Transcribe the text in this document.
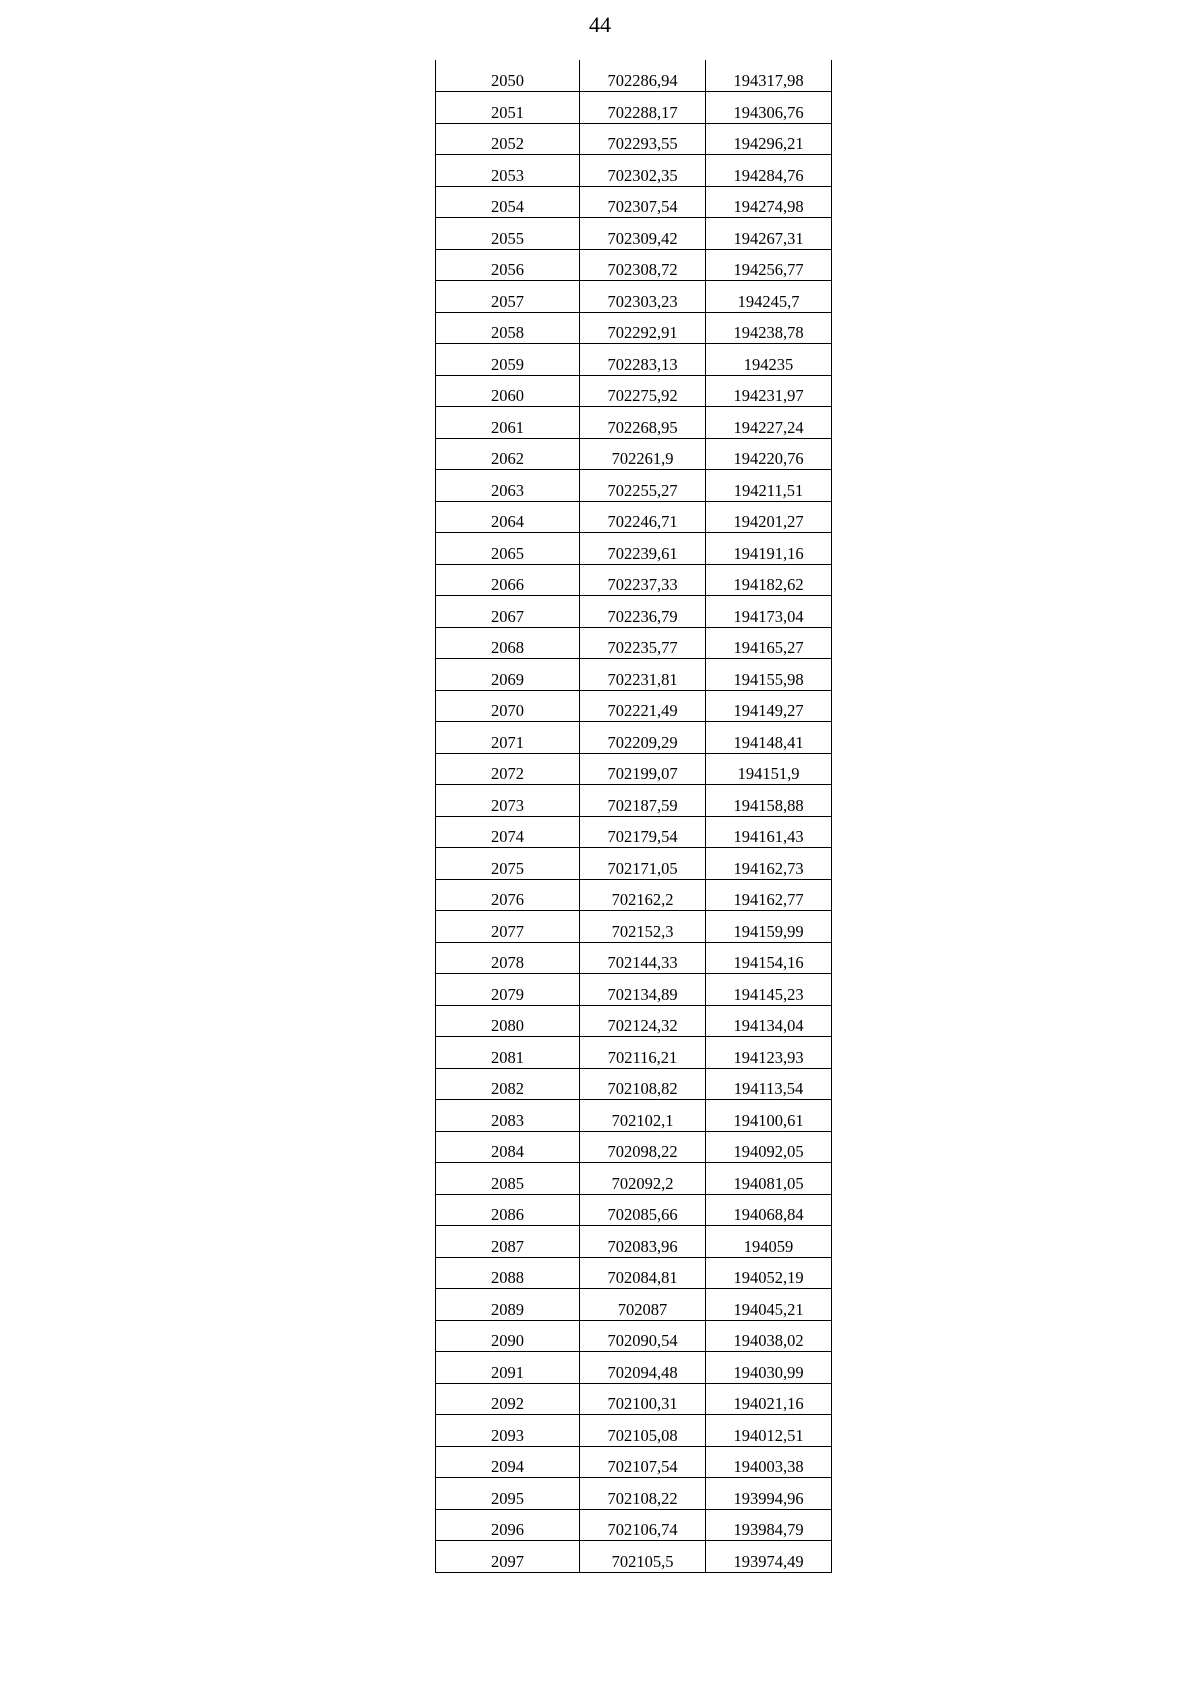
44
2050	702286,94	194317,98
2051	702288,17	194306,76
2052	702293,55	194296,21
2053	702302,35	194284,76
2054	702307,54	194274,98
2055	702309,42	194267,31
2056	702308,72	194256,77
2057	702303,23	194245,7
2058	702292,91	194238,78
2059	702283,13	194235
2060	702275,92	194231,97
2061	702268,95	194227,24
2062	702261,9	194220,76
2063	702255,27	194211,51
2064	702246,71	194201,27
2065	702239,61	194191,16
2066	702237,33	194182,62
2067	702236,79	194173,04
2068	702235,77	194165,27
2069	702231,81	194155,98
2070	702221,49	194149,27
2071	702209,29	194148,41
2072	702199,07	194151,9
2073	702187,59	194158,88
2074	702179,54	194161,43
2075	702171,05	194162,73
2076	702162,2	194162,77
2077	702152,3	194159,99
2078	702144,33	194154,16
2079	702134,89	194145,23
2080	702124,32	194134,04
2081	702116,21	194123,93
2082	702108,82	194113,54
2083	702102,1	194100,61
2084	702098,22	194092,05
2085	702092,2	194081,05
2086	702085,66	194068,84
2087	702083,96	194059
2088	702084,81	194052,19
2089	702087	194045,21
2090	702090,54	194038,02
2091	702094,48	194030,99
2092	702100,31	194021,16
2093	702105,08	194012,51
2094	702107,54	194003,38
2095	702108,22	193994,96
2096	702106,74	193984,79
2097	702105,5	193974,49
